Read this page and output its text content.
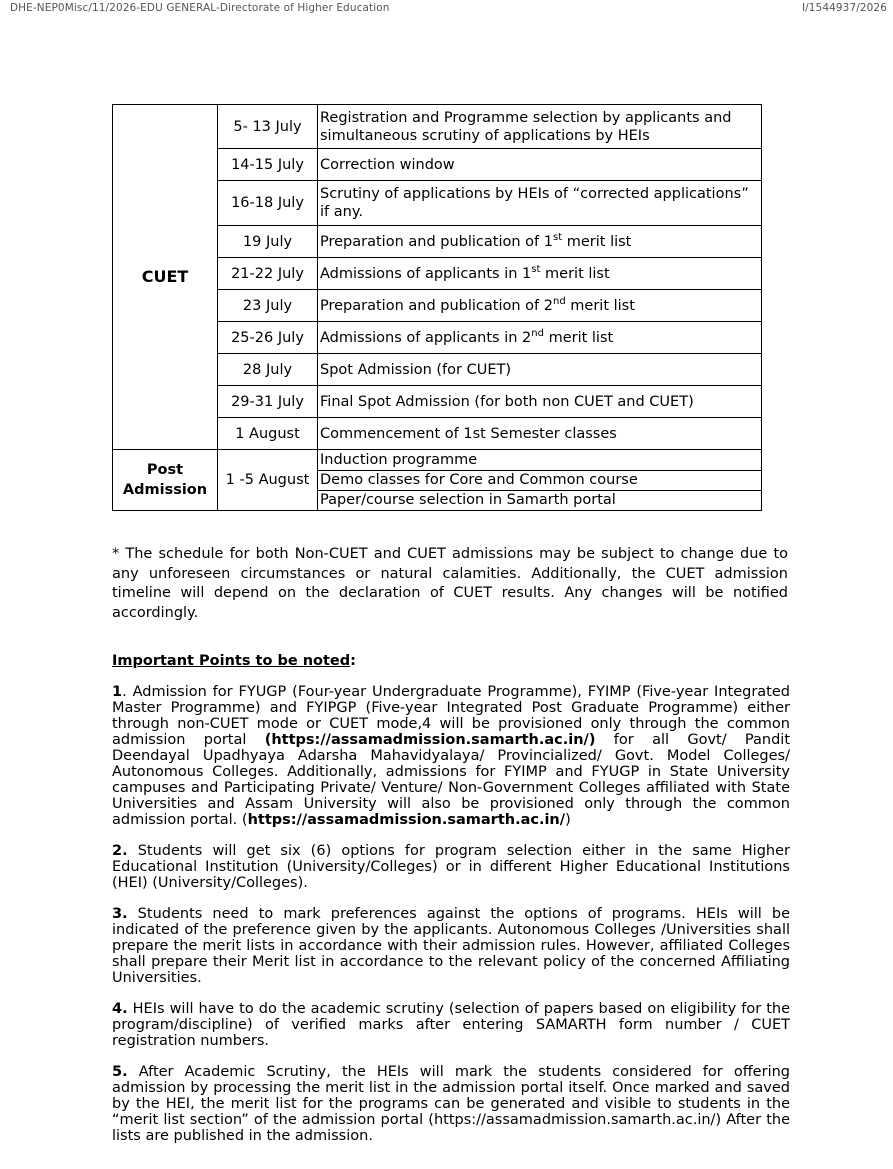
DHE-NEP0Misc/11/2026-EDU GENERAL-Directorate of Higher Education	I/1544937/2026
CUET	5- 13 July	Registration and Programme selection by applicants and simultaneous scrutiny of applications by HEIs
	14-15 July	Correction window
	16-18 July	Scrutiny of applications by HEIs of “corrected applications” if any.
	19 July	Preparation and publication of 1st merit list
	21-22 July	Admissions of applicants in 1st merit list
	23 July	Preparation and publication of 2nd merit list
	25-26 July	Admissions of applicants in 2nd merit list
	28 July	Spot Admission (for CUET)
	29-31 July	Final Spot Admission (for both non CUET and CUET)
	1 August	Commencement of 1st Semester classes
Post
Admission	1 -5 August	Induction programme
		Demo classes for Core and Common course
		Paper/course selection in Samarth portal
* The schedule for both Non-CUET and CUET admissions may be subject to change due to any unforeseen circumstances or natural calamities. Additionally, the CUET admission timeline will depend on the declaration of CUET results. Any changes will be notified accordingly.
Important Points to be noted:

1. Admission for FYUGP (Four-year Undergraduate Programme), FYIMP (Five-year Integrated Master Programme) and FYIPGP (Five-year Integrated Post Graduate Programme) either through non-CUET mode or CUET mode,4 will be provisioned only through the common admission portal (https://assamadmission.samarth.ac.in/) for all Govt/ Pandit Deendayal Upadhyaya Adarsha Mahavidyalaya/ Provincialized/ Govt. Model Colleges/ Autonomous Colleges. Additionally, admissions for FYIMP and FYUGP in State University campuses and Participating Private/ Venture/ Non-Government Colleges affiliated with State Universities and Assam University will also be provisioned only through the common admission portal. (https://assamadmission.samarth.ac.in/)

2. Students will get six (6) options for program selection either in the same Higher Educational Institution (University/Colleges) or in different Higher Educational Institutions (HEI) (University/Colleges).

3. Students need to mark preferences against the options of programs. HEIs will be indicated of the preference given by the applicants. Autonomous Colleges /Universities shall prepare the merit lists in accordance with their admission rules. However, affiliated Colleges shall prepare their Merit list in accordance to the relevant policy of the concerned Affiliating Universities.

4. HEIs will have to do the academic scrutiny (selection of papers based on eligibility for the program/discipline) of verified marks after entering SAMARTH form number / CUET registration numbers.

5. After Academic Scrutiny, the HEIs will mark the students considered for offering admission by processing the merit list in the admission portal itself. Once marked and saved by the HEI, the merit list for the programs can be generated and visible to students in the “merit list section” of the admission portal (https://assamadmission.samarth.ac.in/) After the lists are published in the admission.
